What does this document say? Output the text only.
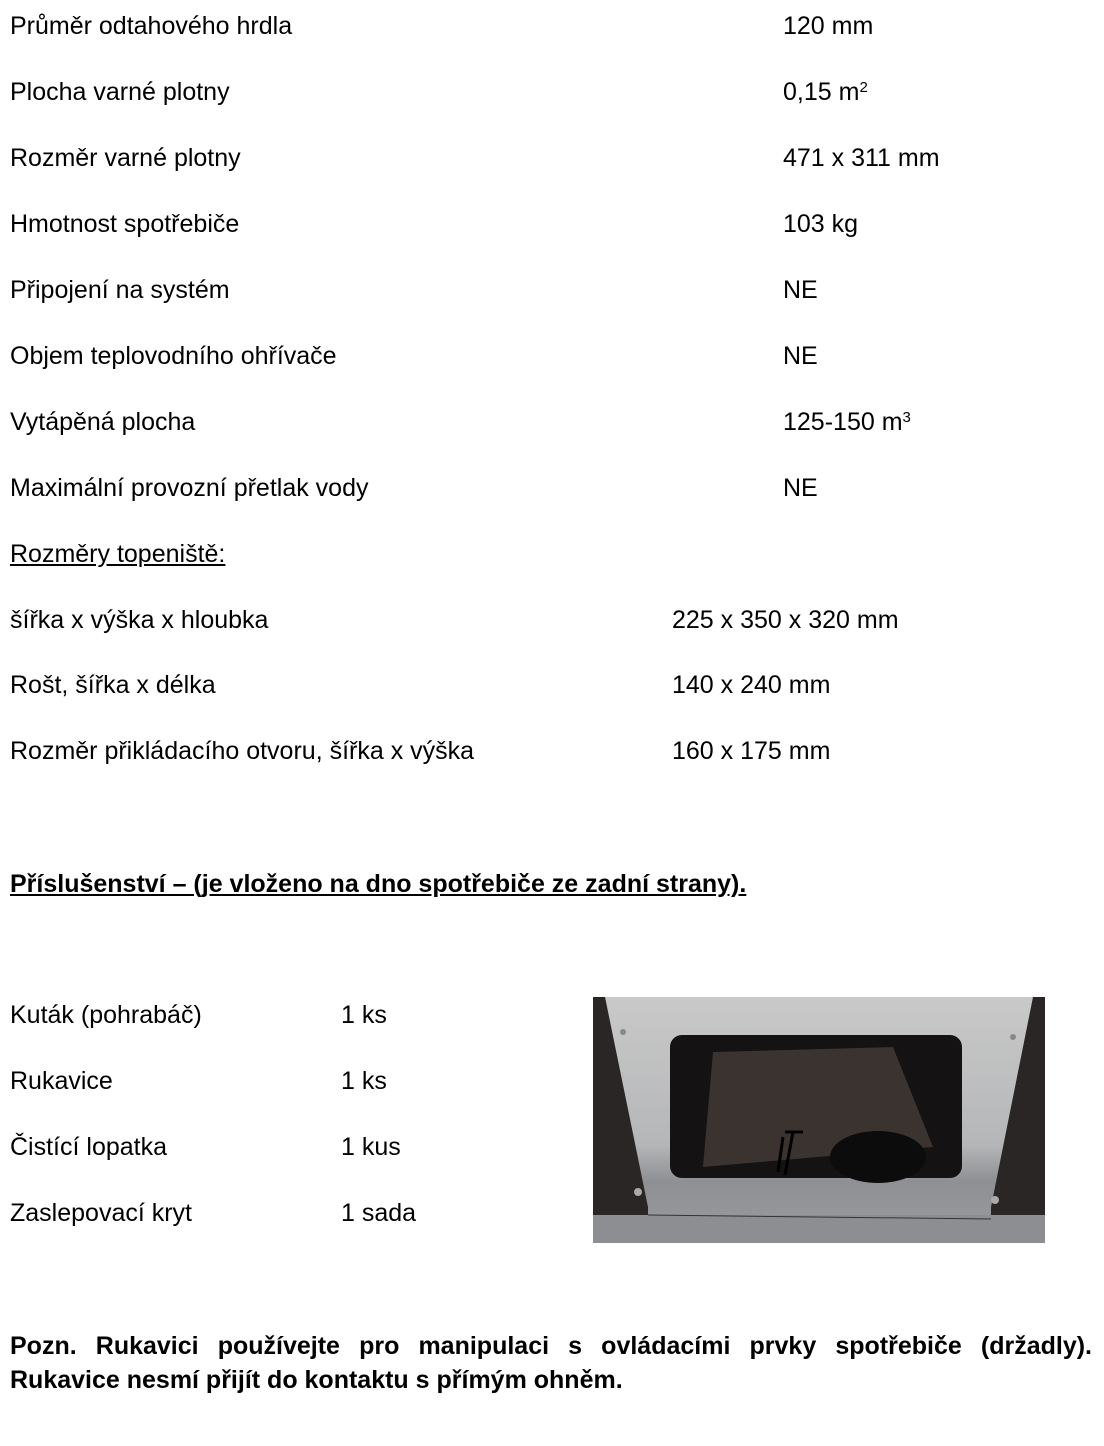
Průměr odtahového hrdla	120 mm
Plocha varné plotny	0,15 $m^2$
Rozměr varné plotny	471 x 311 mm
Hmotnost spotřebiče	103 kg
Připojení na systém	NE
Objem teplovodního ohřívače	NE
Vytápěná plocha	125-150 $m^3$
Maximální provozní přetlak vody	NE
Rozměry topeniště:
šířka x výška x hloubka	225 x 350 x 320 mm
Rošt, šířka x délka	140 x 240 mm
Rozměr přikládacího otvoru, šířka x výška	160 x 175 mm
Příslušenství – (je vloženo na dno spotřebiče ze zadní strany).
Kuták (pohrabáč)	1 ks
Rukavice	1 ks
Čistící lopatka	1 kus
Zaslepovací kryt	1 sada
Pozn. Rukavici používejte pro manipulaci s ovládacími prvky spotřebiče (držadly). Rukavice nesmí přijít do kontaktu s přímým ohněm.
